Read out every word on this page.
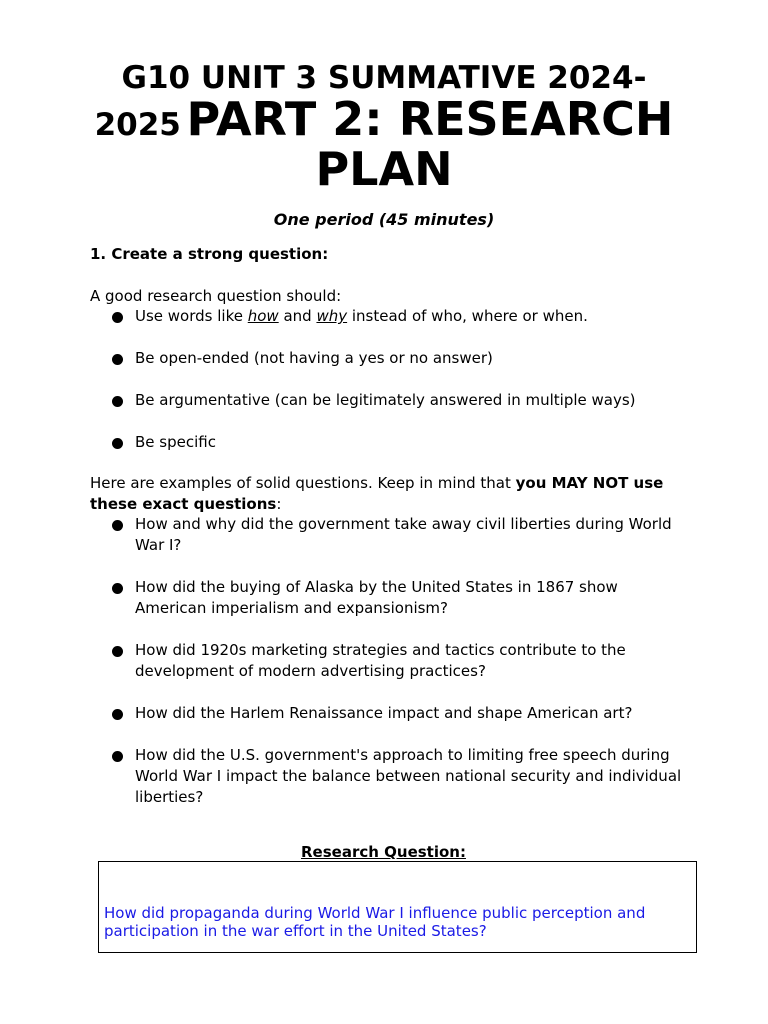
G10 UNIT 3 SUMMATIVE 2024-
2025 PART 2: RESEARCH
PLAN
One period (45 minutes)
1. Create a strong question:
A good research question should:
Use words like how and why instead of who, where or when.
Be open-ended (not having a yes or no answer)
Be argumentative (can be legitimately answered in multiple ways)
Be specific
Here are examples of solid questions. Keep in mind that you MAY NOT use these exact questions:
How and why did the government take away civil liberties during World War I?
How did the buying of Alaska by the United States in 1867 show American imperialism and expansionism?
How did 1920s marketing strategies and tactics contribute to the development of modern advertising practices?
How did the Harlem Renaissance impact and shape American art?
How did the U.S. government's approach to limiting free speech during World War I impact the balance between national security and individual liberties?
Research Question:
How did propaganda during World War I influence public perception and participation in the war effort in the United States?
